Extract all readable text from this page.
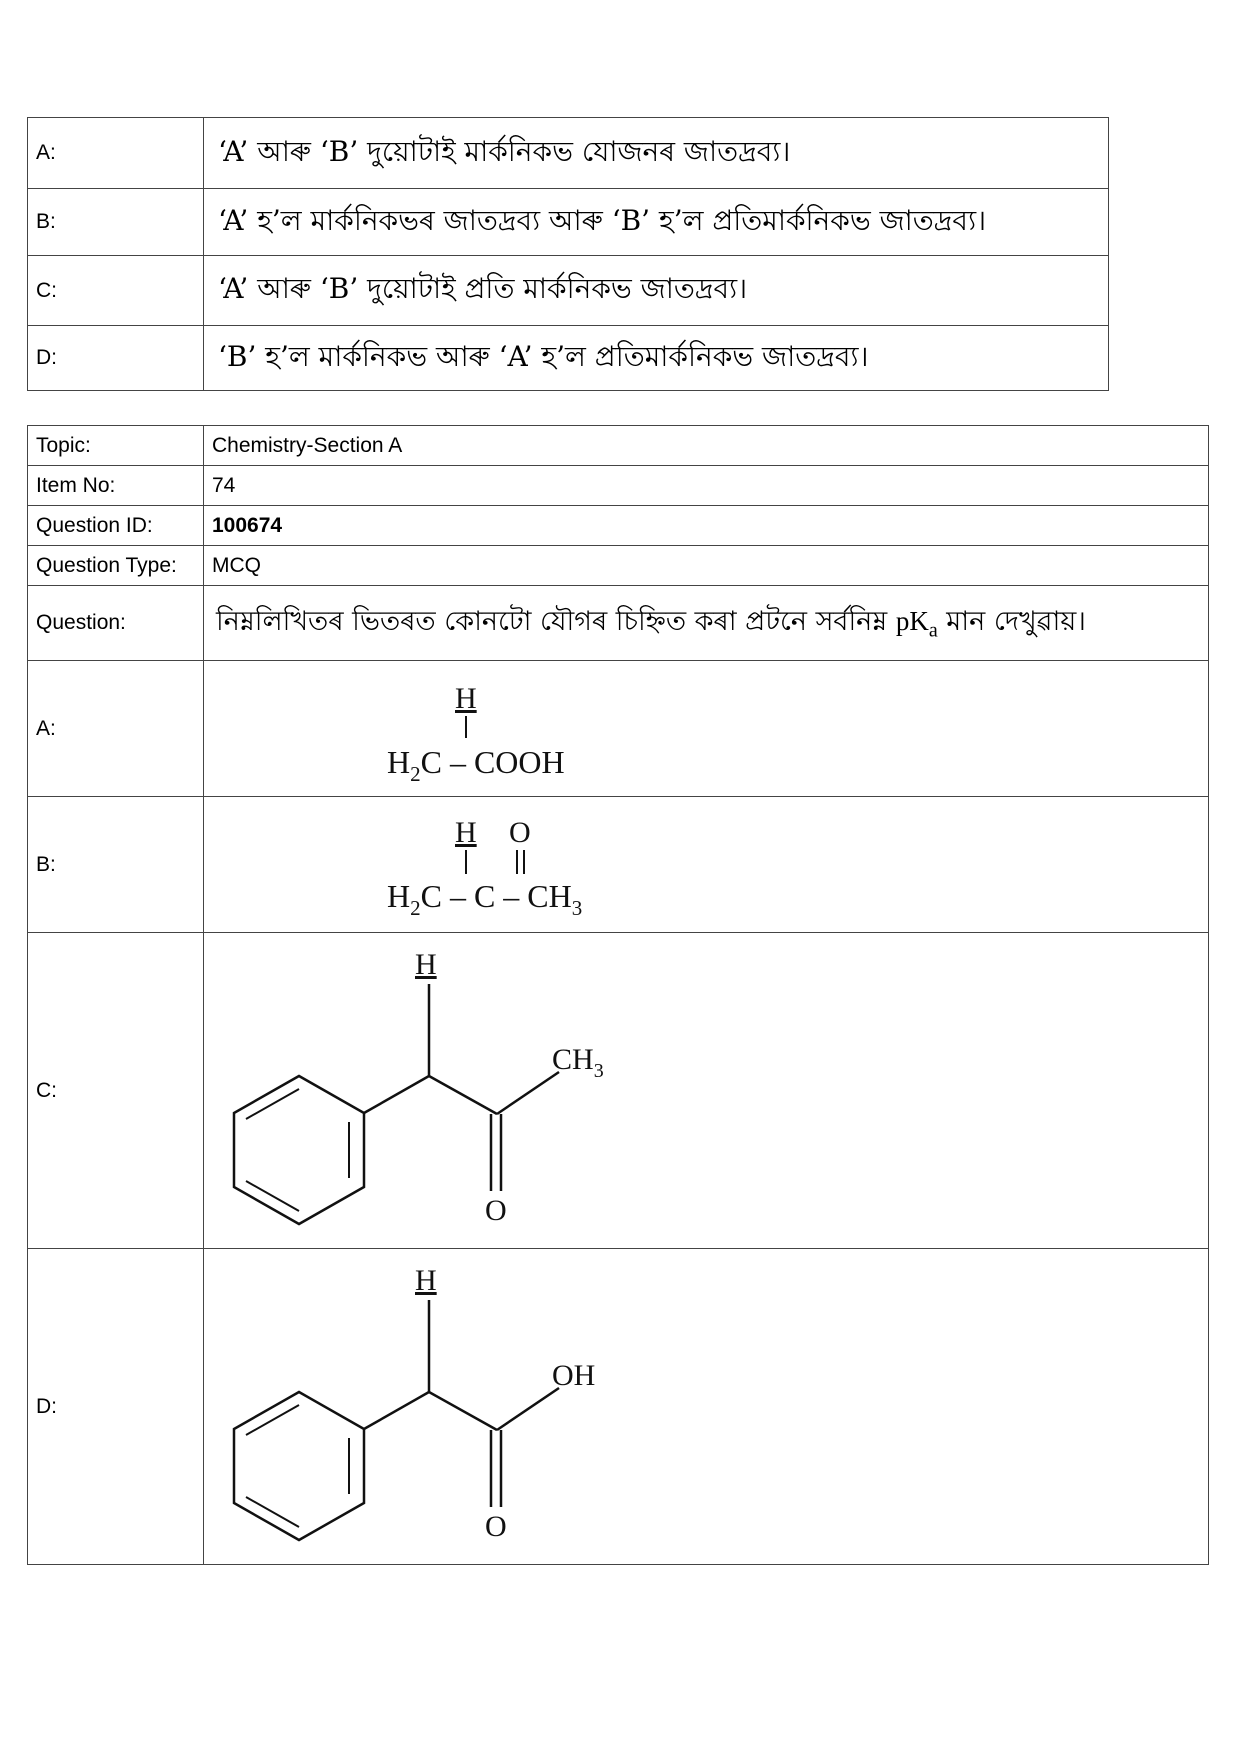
A:	‘A’ আৰু ‘B’ দুয়োটাই মাৰ্কনিকভ যোজনৰ জাতদ্ৰব্য।
B:	‘A’ হ’ল মাৰ্কনিকভৰ জাতদ্ৰব্য আৰু ‘B’ হ’ল প্ৰতিমাৰ্কনিকভ জাতদ্ৰব্য।
C:	‘A’ আৰু ‘B’ দুয়োটাই প্ৰতি মাৰ্কনিকভ জাতদ্ৰব্য।
D:	‘B’ হ’ল মাৰ্কনিকভ আৰু ‘A’ হ’ল প্ৰতিমাৰ্কনিকভ জাতদ্ৰব্য।
Topic:	Chemistry-Section A
Item No:	74
Question ID:	100674
Question Type:	MCQ
Question:	নিম্নলিখিতৰ ভিতৰত কোনটো যৌগৰ চিহ্নিত কৰা প্ৰটনে সৰ্বনিম্ন $pK_a$ মান দেখুৱায়।
A:	H
$H_2C$ – COOH

B:	H O
$H_2C$ – C – $CH_3$

C:	H
$CH_3$
O

D:	H
OH
O
